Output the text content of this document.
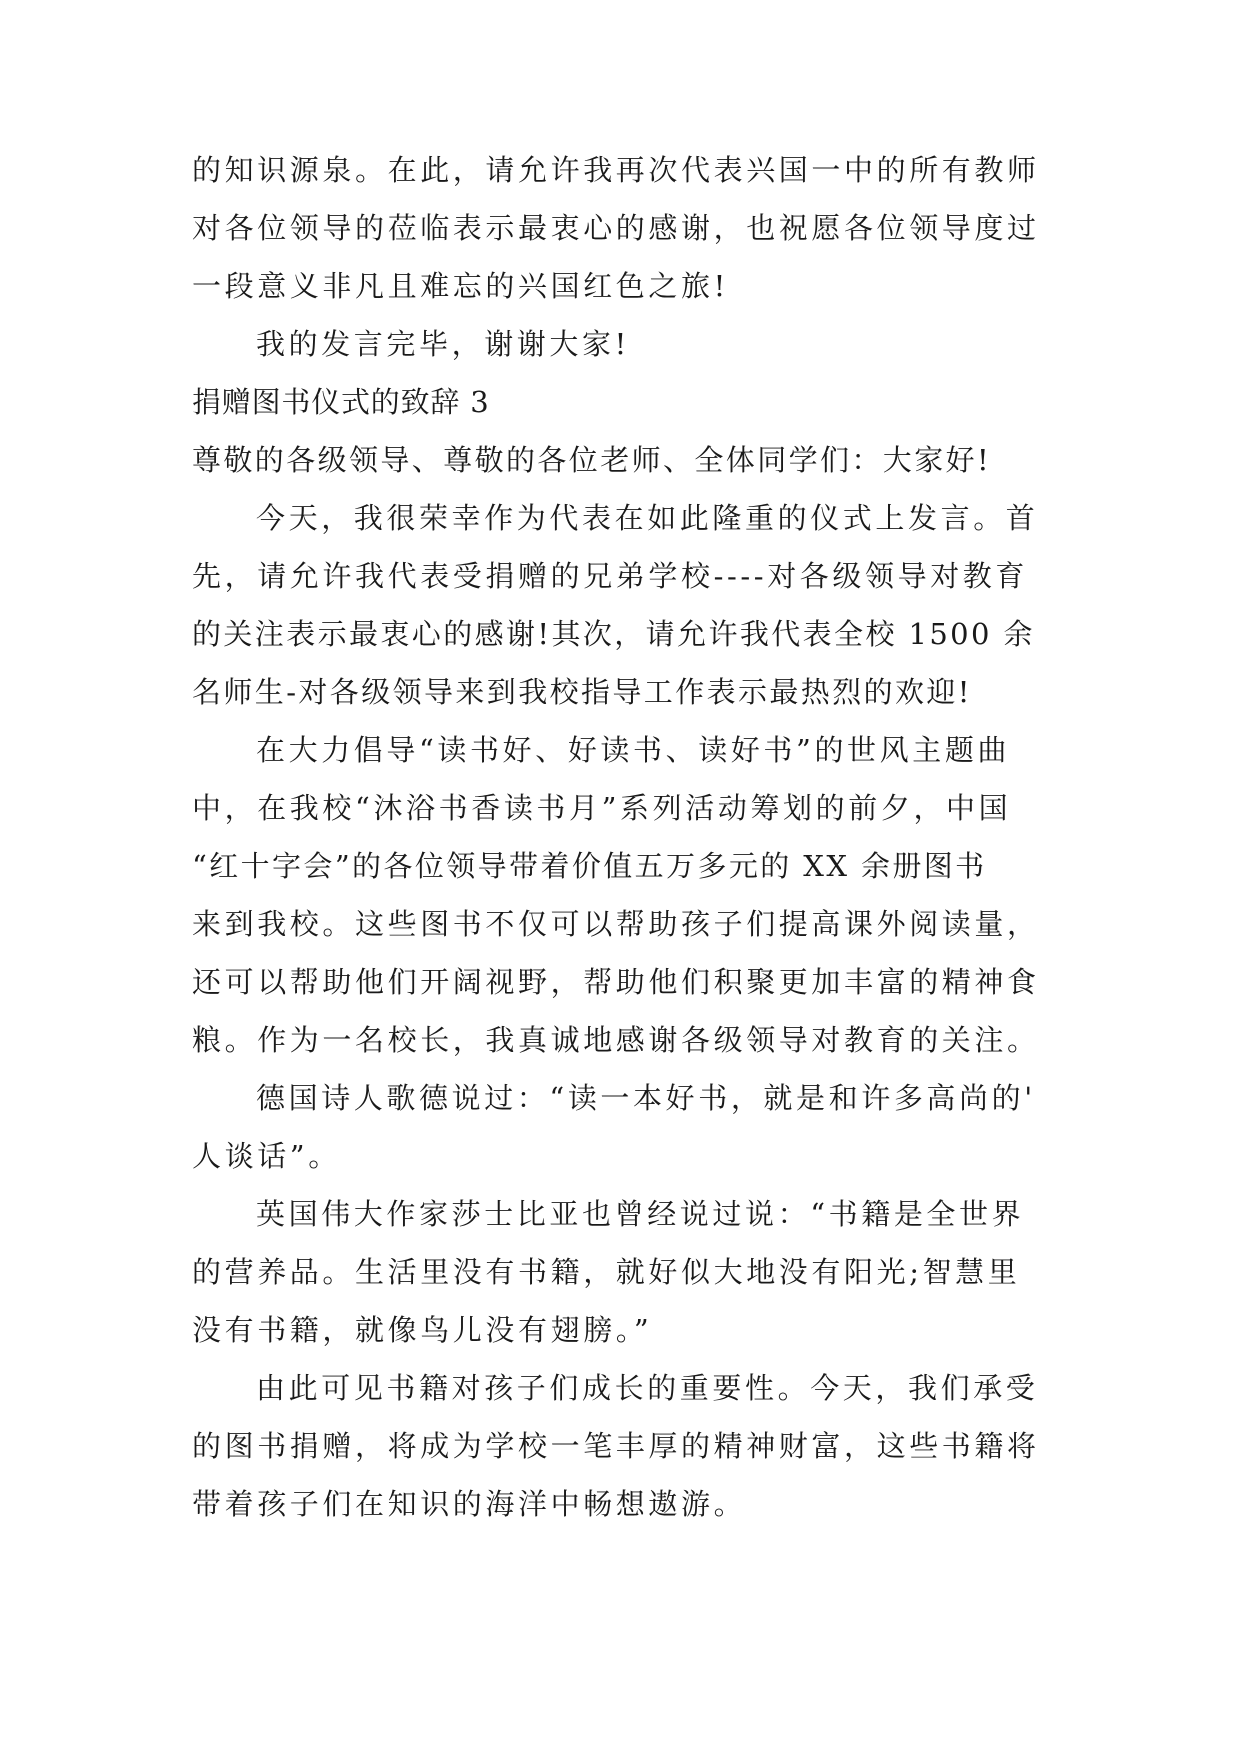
的知识源泉。在此，请允许我再次代表兴国一中的所有教师

对各位领导的莅临表示最衷心的感谢，也祝愿各位领导度过

一段意义非凡且难忘的兴国红色之旅!

我的发言完毕，谢谢大家!

捐赠图书仪式的致辞 3

尊敬的各级领导、尊敬的各位老师、全体同学们：大家好!

今天，我很荣幸作为代表在如此隆重的仪式上发言。首

先，请允许我代表受捐赠的兄弟学校----对各级领导对教育

的关注表示最衷心的感谢!其次，请允许我代表全校 1500 余

名师生-对各级领导来到我校指导工作表示最热烈的欢迎!

在大力倡导“读书好、好读书、读好书”的世风主题曲

中，在我校“沐浴书香读书月”系列活动筹划的前夕，中国

“红十字会”的各位领导带着价值五万多元的 XX 余册图书

来到我校。这些图书不仅可以帮助孩子们提高课外阅读量，

还可以帮助他们开阔视野，帮助他们积聚更加丰富的精神食

粮。作为一名校长，我真诚地感谢各级领导对教育的关注。

德国诗人歌德说过：“读一本好书，就是和许多高尚的'

人谈话”。

英国伟大作家莎士比亚也曾经说过说：“书籍是全世界

的营养品。生活里没有书籍，就好似大地没有阳光;智慧里

没有书籍，就像鸟儿没有翅膀。”

由此可见书籍对孩子们成长的重要性。今天，我们承受

的图书捐赠，将成为学校一笔丰厚的精神财富，这些书籍将

带着孩子们在知识的海洋中畅想遨游。
